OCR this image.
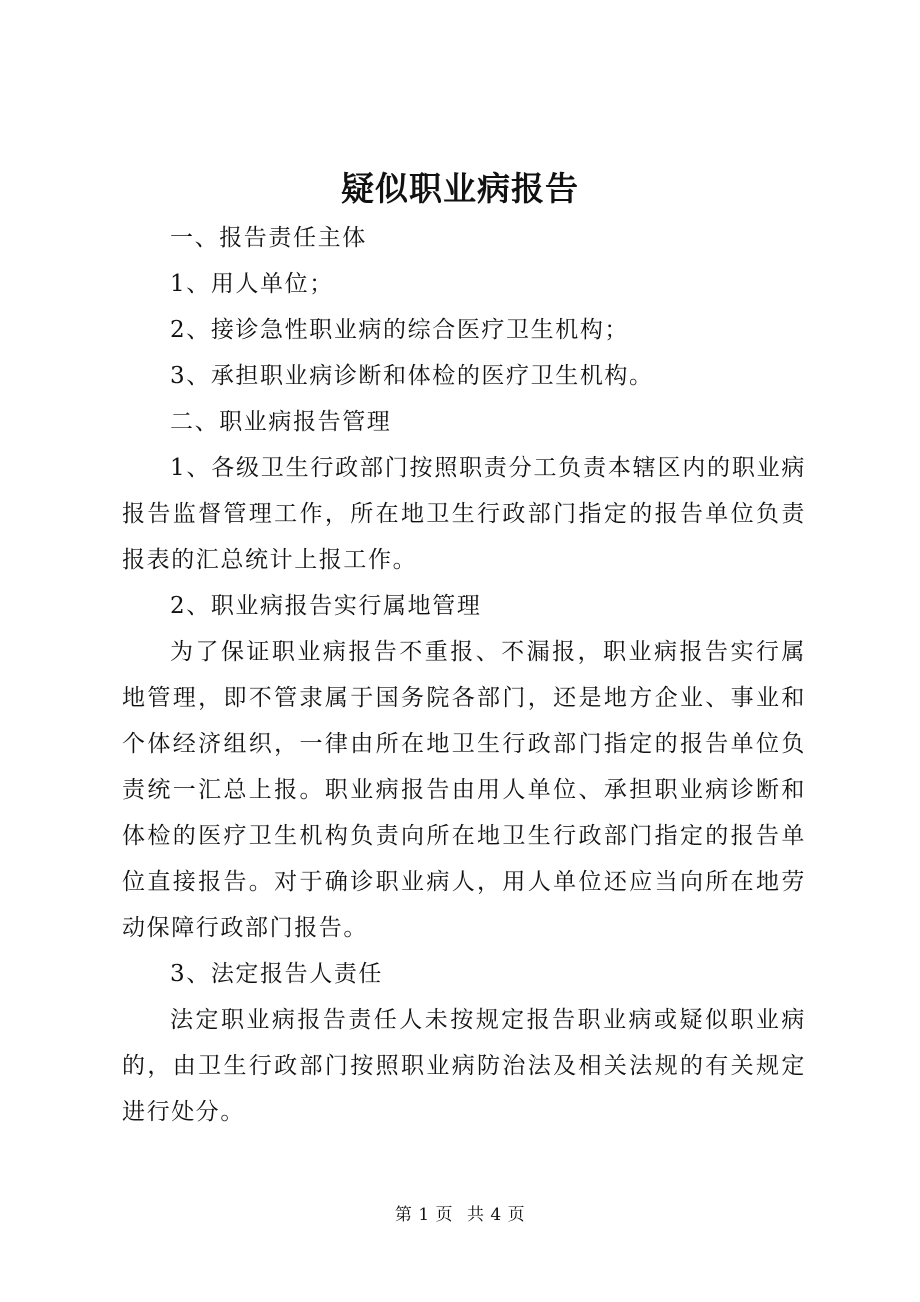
疑似职业病报告

一、报告责任主体

1、用人单位；

2、接诊急性职业病的综合医疗卫生机构；

3、承担职业病诊断和体检的医疗卫生机构。

二、职业病报告管理

1、各级卫生行政部门按照职责分工负责本辖区内的职业病报告监督管理工作，所在地卫生行政部门指定的报告单位负责报表的汇总统计上报工作。

2、职业病报告实行属地管理

为了保证职业病报告不重报、不漏报，职业病报告实行属地管理，即不管隶属于国务院各部门，还是地方企业、事业和个体经济组织，一律由所在地卫生行政部门指定的报告单位负责统一汇总上报。职业病报告由用人单位、承担职业病诊断和体检的医疗卫生机构负责向所在地卫生行政部门指定的报告单位直接报告。对于确诊职业病人，用人单位还应当向所在地劳动保障行政部门报告。

3、法定报告人责任

法定职业病报告责任人未按规定报告职业病或疑似职业病的，由卫生行政部门按照职业病防治法及相关法规的有关规定进行处分。

第 1 页 共 4 页
